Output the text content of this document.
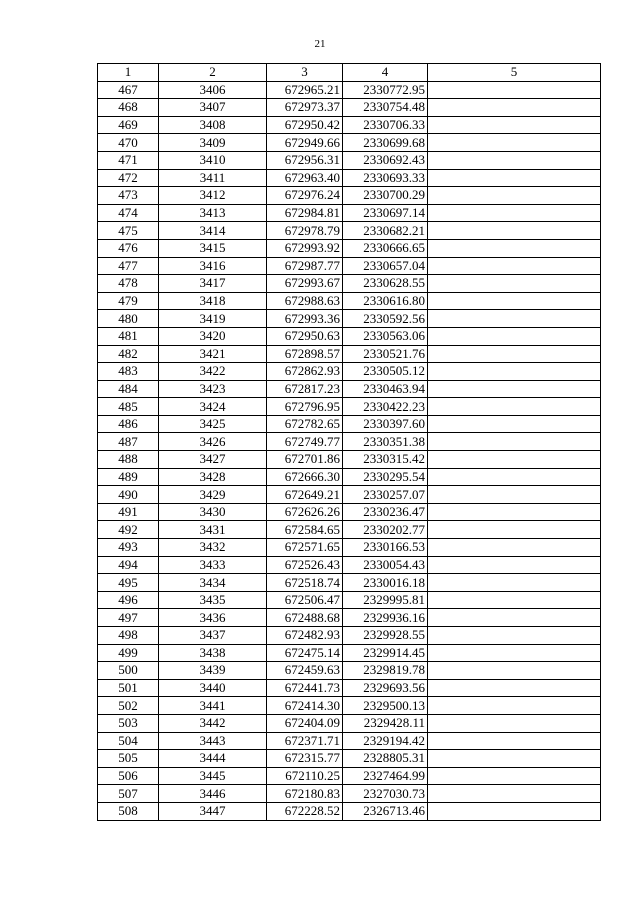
21
1	2	3	4	5
467	3406	672965.21	2330772.95	
468	3407	672973.37	2330754.48	
469	3408	672950.42	2330706.33	
470	3409	672949.66	2330699.68	
471	3410	672956.31	2330692.43	
472	3411	672963.40	2330693.33	
473	3412	672976.24	2330700.29	
474	3413	672984.81	2330697.14	
475	3414	672978.79	2330682.21	
476	3415	672993.92	2330666.65	
477	3416	672987.77	2330657.04	
478	3417	672993.67	2330628.55	
479	3418	672988.63	2330616.80	
480	3419	672993.36	2330592.56	
481	3420	672950.63	2330563.06	
482	3421	672898.57	2330521.76	
483	3422	672862.93	2330505.12	
484	3423	672817.23	2330463.94	
485	3424	672796.95	2330422.23	
486	3425	672782.65	2330397.60	
487	3426	672749.77	2330351.38	
488	3427	672701.86	2330315.42	
489	3428	672666.30	2330295.54	
490	3429	672649.21	2330257.07	
491	3430	672626.26	2330236.47	
492	3431	672584.65	2330202.77	
493	3432	672571.65	2330166.53	
494	3433	672526.43	2330054.43	
495	3434	672518.74	2330016.18	
496	3435	672506.47	2329995.81	
497	3436	672488.68	2329936.16	
498	3437	672482.93	2329928.55	
499	3438	672475.14	2329914.45	
500	3439	672459.63	2329819.78	
501	3440	672441.73	2329693.56	
502	3441	672414.30	2329500.13	
503	3442	672404.09	2329428.11	
504	3443	672371.71	2329194.42	
505	3444	672315.77	2328805.31	
506	3445	672110.25	2327464.99	
507	3446	672180.83	2327030.73	
508	3447	672228.52	2326713.46	
